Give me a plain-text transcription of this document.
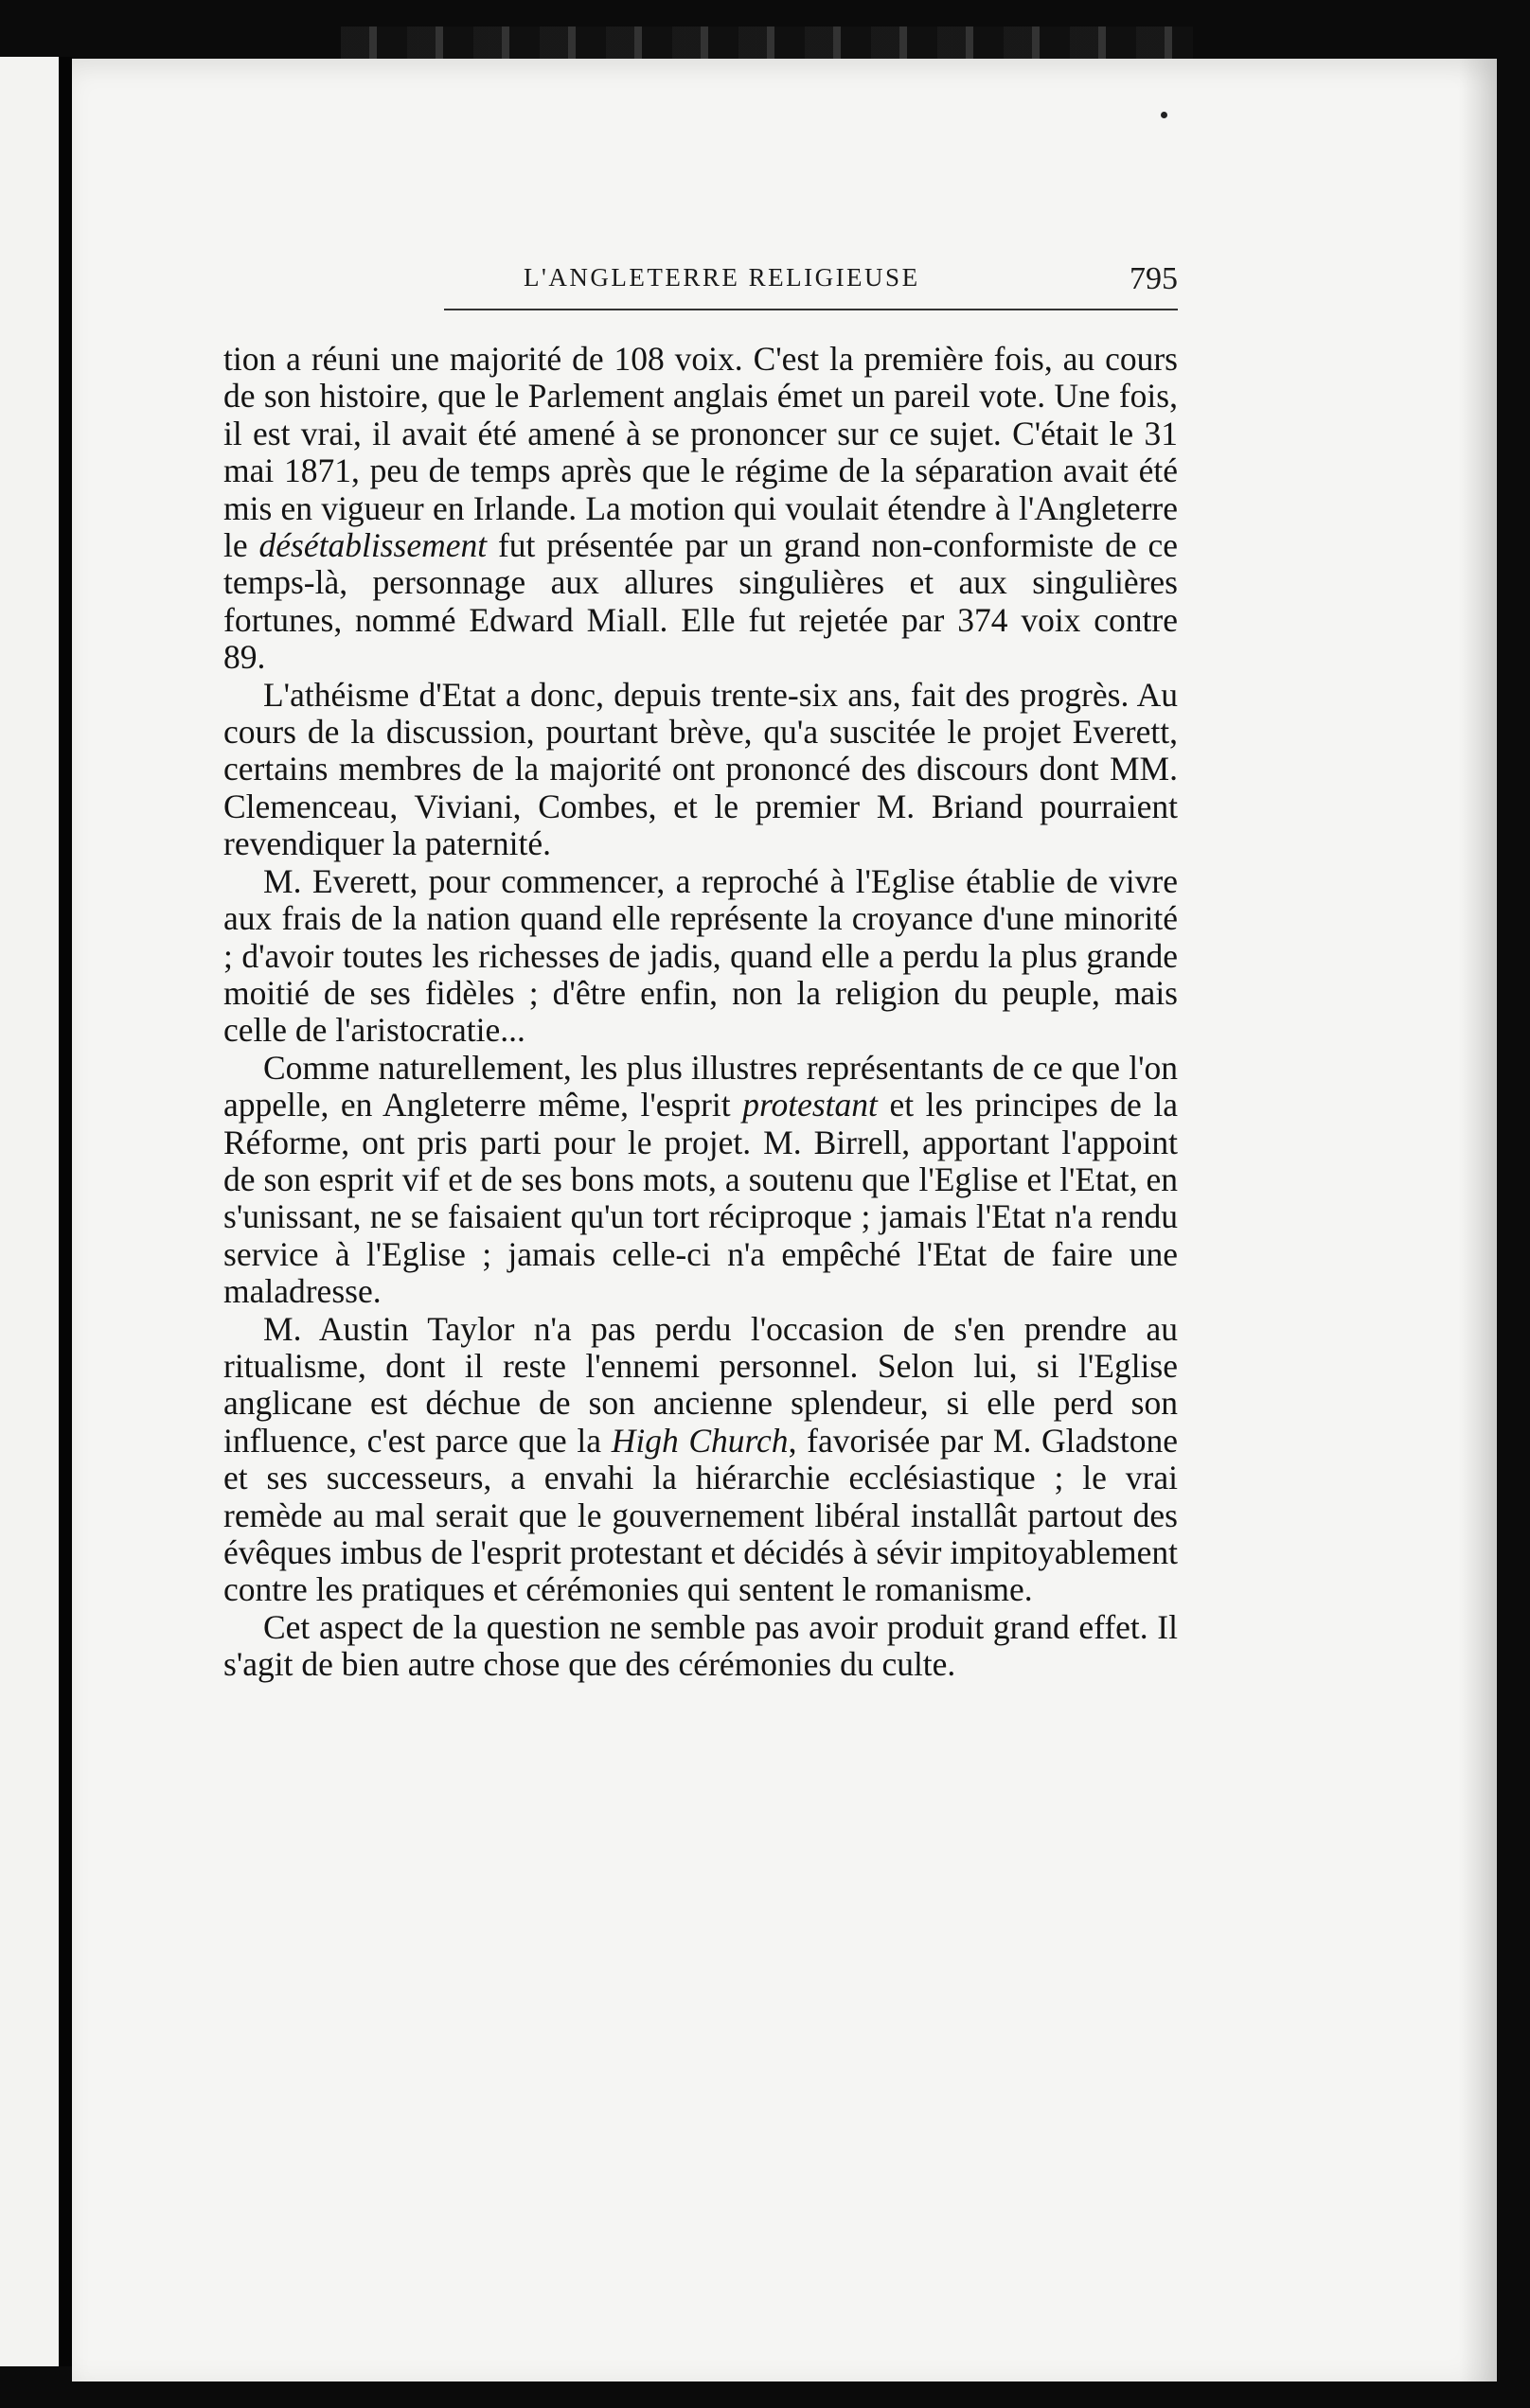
L'ANGLETERRE RELIGIEUSE	795

tion a réuni une majorité de 108 voix. C'est la première fois, au cours de son histoire, que le Parlement anglais émet un pareil vote. Une fois, il est vrai, il avait été amené à se prononcer sur ce sujet. C'était le 31 mai 1871, peu de temps après que le régime de la séparation avait été mis en vigueur en Irlande. La motion qui voulait étendre à l'Angleterre le désétablissement fut présentée par un grand non-conformiste de ce temps-là, personnage aux allures singulières et aux singulières fortunes, nommé Edward Miall. Elle fut rejetée par 374 voix contre 89.

L'athéisme d'Etat a donc, depuis trente-six ans, fait des progrès. Au cours de la discussion, pourtant brève, qu'a suscitée le projet Everett, certains membres de la majorité ont prononcé des discours dont MM. Clemenceau, Viviani, Combes, et le premier M. Briand pourraient revendiquer la paternité.

M. Everett, pour commencer, a reproché à l'Eglise établie de vivre aux frais de la nation quand elle représente la croyance d'une minorité ; d'avoir toutes les richesses de jadis, quand elle a perdu la plus grande moitié de ses fidèles ; d'être enfin, non la religion du peuple, mais celle de l'aristocratie...

Comme naturellement, les plus illustres représentants de ce que l'on appelle, en Angleterre même, l'esprit protestant et les principes de la Réforme, ont pris parti pour le projet. M. Birrell, apportant l'appoint de son esprit vif et de ses bons mots, a soutenu que l'Eglise et l'Etat, en s'unissant, ne se faisaient qu'un tort réciproque ; jamais l'Etat n'a rendu service à l'Eglise ; jamais celle-ci n'a empêché l'Etat de faire une maladresse.

M. Austin Taylor n'a pas perdu l'occasion de s'en prendre au ritualisme, dont il reste l'ennemi personnel. Selon lui, si l'Eglise anglicane est déchue de son ancienne splendeur, si elle perd son influence, c'est parce que la High Church, favorisée par M. Gladstone et ses successeurs, a envahi la hiérarchie ecclésiastique ; le vrai remède au mal serait que le gouvernement libéral installât partout des évêques imbus de l'esprit protestant et décidés à sévir impitoyablement contre les pratiques et cérémonies qui sentent le romanisme.

Cet aspect de la question ne semble pas avoir produit grand effet. Il s'agit de bien autre chose que des cérémonies du culte.
